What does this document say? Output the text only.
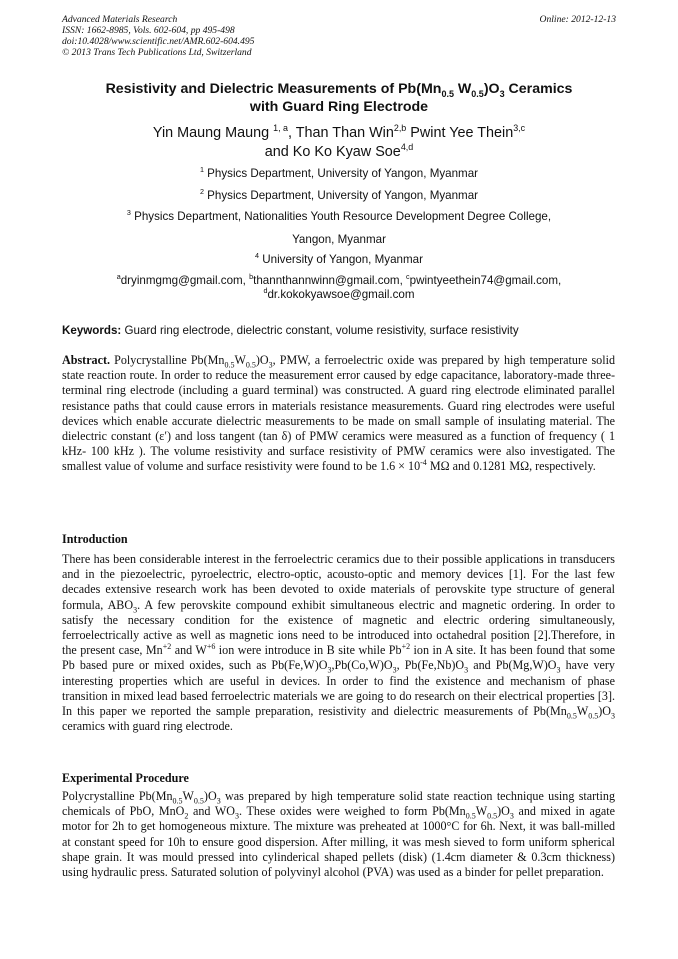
Advanced Materials Research
ISSN: 1662-8985, Vols. 602-604, pp 495-498
doi:10.4028/www.scientific.net/AMR.602-604.495
© 2013 Trans Tech Publications Ltd, Switzerland
Online: 2012-12-13
Resistivity and Dielectric Measurements of $Pb(Mn_{0.5}$ $W_{0.5})O_3$ Ceramics
with Guard Ring Electrode
Yin Maung Maung $^{1, a}$, Than Than Win$^{2,b}$ Pwint Yee Thein$^{3,c}$
and Ko Ko Kyaw Soe$^{4,d}$
$^1$ Physics Department, University of Yangon, Myanmar
$^2$ Physics Department, University of Yangon, Myanmar
$^3$ Physics Department, Nationalities Youth Resource Development Degree College,
Yangon, Myanmar
$^4$ University of Yangon, Myanmar
$^a$dryinmgmg@gmail.com, $^b$thannthannwinn@gmail.com, $^c$pwintyeethein74@gmail.com,
$^d$dr.kokokyawsoe@gmail.com
Keywords: Guard ring electrode, dielectric constant, volume resistivity, surface resistivity
Abstract. Polycrystalline $Pb(Mn_{0.5}W_{0.5})O_3$, PMW, a ferroelectric oxide was prepared by high temperature solid state reaction route. In order to reduce the measurement error caused by edge capacitance, laboratory-made three-terminal ring electrode (including a guard terminal) was constructed. A guard ring electrode eliminated parallel resistance paths that could cause errors in materials resistance measurements. Guard ring electrodes were useful devices which enable accurate dielectric measurements to be made on small sample of insulating material. The dielectric constant (ε′) and loss tangent (tan δ) of PMW ceramics were measured as a function of frequency ( 1 kHz- 100 kHz ). The volume resistivity and surface resistivity of PMW ceramics were also investigated. The smallest value of volume and surface resistivity were found to be $1.6 \times 10^{-4}$ MΩ and 0.1281 MΩ, respectively.
Introduction
There has been considerable interest in the ferroelectric ceramics due to their possible applications in transducers and in the piezoelectric, pyroelectric, electro-optic, acousto-optic and memory devices [1]. For the last few decades extensive research work has been devoted to oxide materials of perovskite type structure of general formula, $ABO_3$. A few perovskite compound exhibit simultaneous electric and magnetic ordering. In order to satisfy the necessary condition for the existence of magnetic and electric ordering simultaneously, ferroelectrically active as well as magnetic ions need to be introduced into octahedral position [2].Therefore, in the present case, $Mn^{+2}$ and $W^{+6}$ ion were introduce in B site while $Pb^{+2}$ ion in A site. It has been found that some Pb based pure or mixed oxides, such as $Pb(Fe,W)O_3,Pb(Co,W)O_3$, $Pb(Fe,Nb)O_3$ and $Pb(Mg,W)O_3$ have very interesting properties which are useful in devices. In order to find the existence and mechanism of phase transition in mixed lead based ferroelectric materials we are going to do research on their electrical properties [3]. In this paper we reported the sample preparation, resistivity and dielectric measurements of $Pb(Mn_{0.5}W_{0.5})O_3$ ceramics with guard ring electrode.
Experimental Procedure
Polycrystalline $Pb(Mn_{0.5}W_{0.5})O_3$ was prepared by high temperature solid state reaction technique using starting chemicals of PbO, MnO$_2$ and $WO_3$. These oxides were weighed to form $Pb(Mn_{0.5}W_{0.5})O_3$ and mixed in agate motor for 2h to get homogeneous mixture. The mixture was preheated at 1000°C for 6h. Next, it was ball-milled at constant speed for 10h to ensure good dispersion. After milling, it was mesh sieved to form uniform spherical shape grain. It was mould pressed into cylinderical shaped pellets (disk) (1.4cm diameter & 0.3cm thickness) using hydraulic press. Saturated solution of polyvinyl alcohol (PVA) was used as a binder for pellet preparation.
